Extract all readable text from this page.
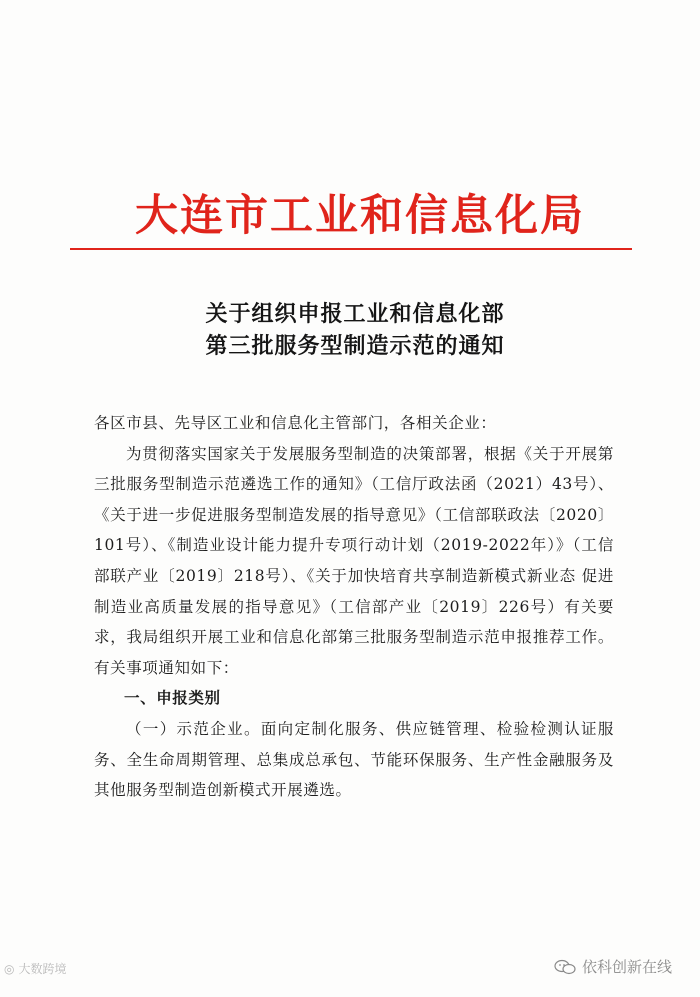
大连市工业和信息化局
关于组织申报工业和信息化部
第三批服务型制造示范的通知

各区市县、先导区工业和信息化主管部门，各相关企业：

为贯彻落实国家关于发展服务型制造的决策部署，根据《关于开展第三批服务型制造示范遴选工作的通知》（工信厅政法函（2021）43号）、《关于进一步促进服务型制造发展的指导意见》（工信部联政法〔2020〕101号）、《制造业设计能力提升专项行动计划（2019-2022年）》（工信部联产业〔2019〕218号）、《关于加快培育共享制造新模式新业态 促进制造业高质量发展的指导意见》（工信部产业〔2019〕226号）有关要求，我局组织开展工业和信息化部第三批服务型制造示范申报推荐工作。有关事项通知如下：

一、申报类别

（一）示范企业。面向定制化服务、供应链管理、检验检测认证服务、全生命周期管理、总集成总承包、节能环保服务、生产性金融服务及其他服务型制造创新模式开展遴选。

◎ 大数跨境	依科创新在线
